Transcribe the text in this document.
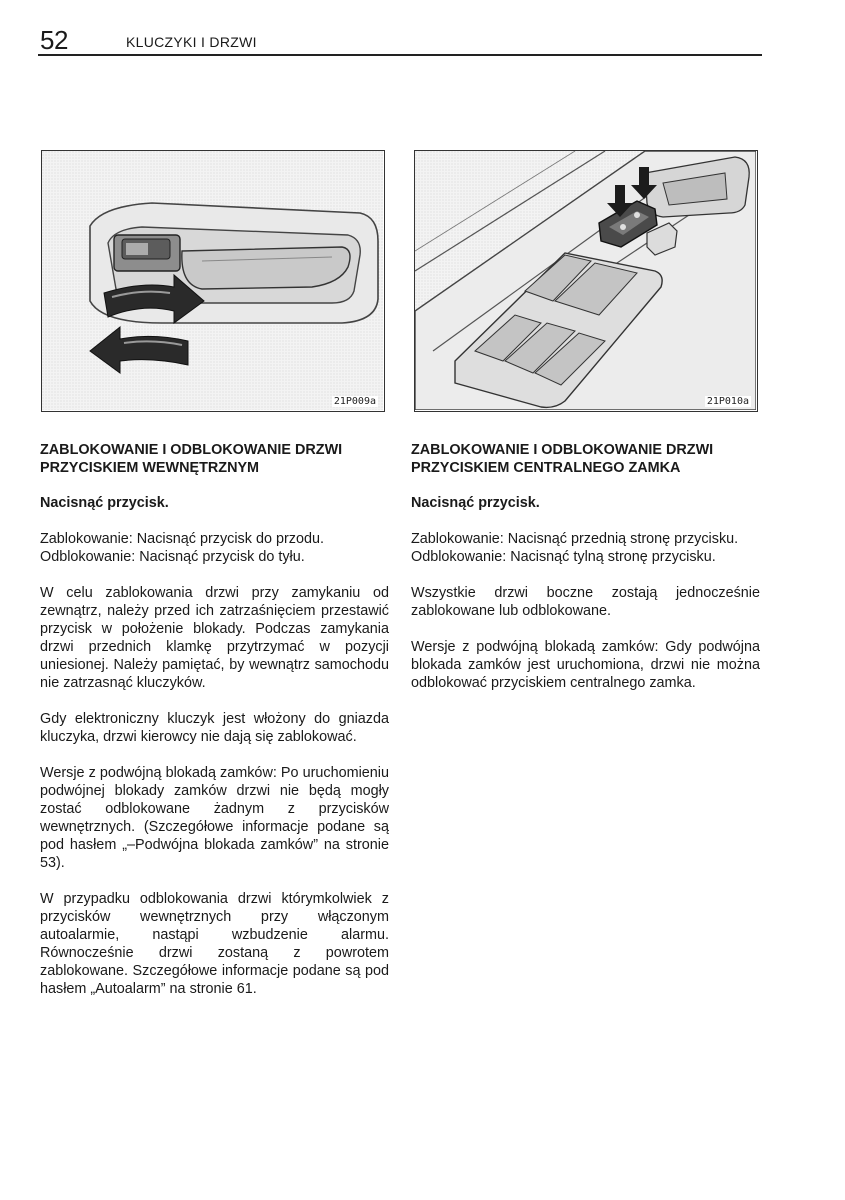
52	KLUCZYKI I DRZWI
21P009a	21P010a

ZABLOKOWANIE I ODBLOKOWANIE DRZWI
PRZYCISKIEM WEWNĘTRZNYM

Nacisnąć przycisk.

Zablokowanie: Nacisnąć przycisk do przodu.
Odblokowanie: Nacisnąć przycisk do tyłu.

W celu zablokowania drzwi przy zamykaniu od zewnątrz, należy przed ich zatrzaśnięciem przestawić przycisk w położenie blokady. Podczas zamykania drzwi przednich klamkę przytrzymać w pozycji uniesionej. Należy pamiętać, by wewnątrz samochodu nie zatrzasnąć kluczyków.

Gdy elektroniczny kluczyk jest włożony do gniazda kluczyka, drzwi kierowcy nie dają się zablokować.

Wersje z podwójną blokadą zamków: Po uruchomieniu podwójnej blokady zamków drzwi nie będą mogły zostać odblokowane żadnym z przycisków wewnętrznych. (Szczegółowe informacje podane są pod hasłem „–Podwójna blokada zamków” na stronie 53).

W przypadku odblokowania drzwi którymkolwiek z przycisków wewnętrznych przy włączonym autoalarmie, nastąpi wzbudzenie alarmu. Równocześnie drzwi zostaną z powrotem zablokowane. Szczegółowe informacje podane są pod hasłem „Autoalarm” na stronie 61.

ZABLOKOWANIE I ODBLOKOWANIE DRZWI
PRZYCISKIEM CENTRALNEGO ZAMKA

Nacisnąć przycisk.

Zablokowanie: Nacisnąć przednią stronę przycisku.
Odblokowanie: Nacisnąć tylną stronę przycisku.

Wszystkie drzwi boczne zostają jednocześnie zablokowane lub odblokowane.

Wersje z podwójną blokadą zamków: Gdy podwójna blokada zamków jest uruchomiona, drzwi nie można odblokować przyciskiem centralnego zamka.
